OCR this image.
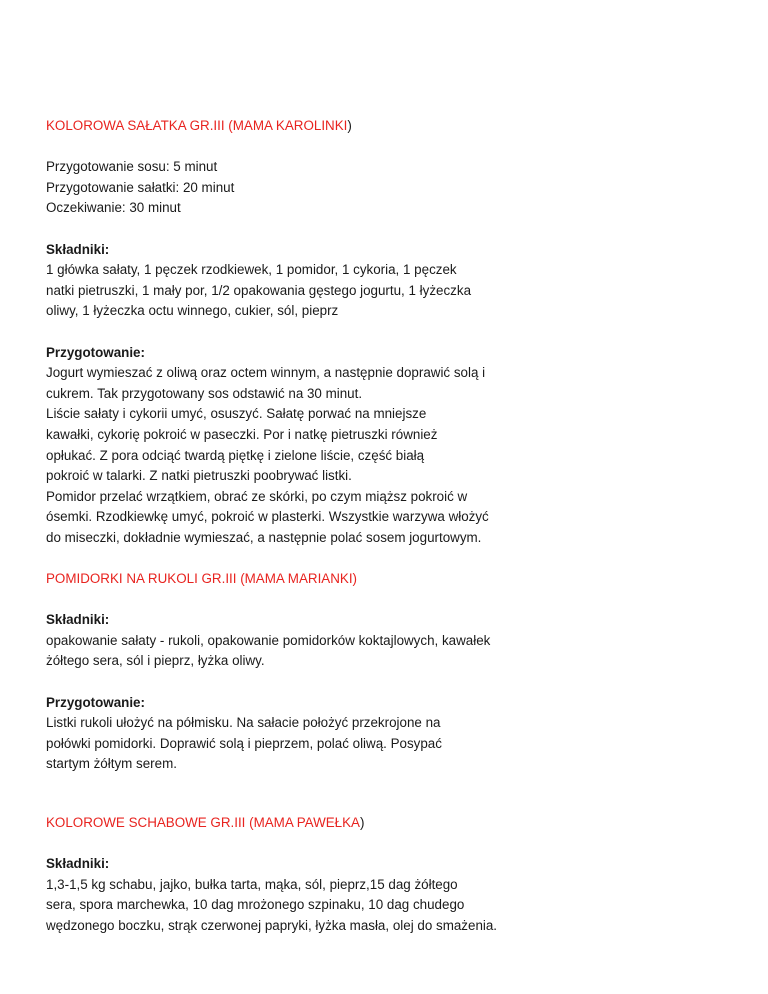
KOLOROWA SAŁATKA GR.III (MAMA KAROLINKI)
Przygotowanie sosu: 5 minut
Przygotowanie sałatki: 20 minut
Oczekiwanie: 30 minut
Składniki:
1 główka sałaty, 1 pęczek rzodkiewek, 1 pomidor, 1 cykoria, 1 pęczek
natki pietruszki, 1 mały por, 1/2 opakowania gęstego jogurtu, 1 łyżeczka
oliwy, 1 łyżeczka octu winnego, cukier, sól, pieprz
Przygotowanie:
Jogurt wymieszać z oliwą oraz octem winnym, a następnie doprawić solą i
cukrem. Tak przygotowany sos odstawić na 30 minut.
Liście sałaty i cykorii umyć, osuszyć. Sałatę porwać na mniejsze
kawałki, cykorię pokroić w paseczki. Por i natkę pietruszki również
opłukać. Z pora odciąć twardą piętkę i zielone liście, część białą
pokroić w talarki. Z natki pietruszki poobrywać listki.
Pomidor przelać wrzątkiem, obrać ze skórki, po czym miąższ pokroić w
ósemki. Rzodkiewkę umyć, pokroić w plasterki. Wszystkie warzywa włożyć
do miseczki, dokładnie wymieszać, a następnie polać sosem jogurtowym.
POMIDORKI NA RUKOLI GR.III (MAMA MARIANKI)
Składniki:
opakowanie sałaty - rukoli, opakowanie pomidorków koktajlowych, kawałek
żółtego sera, sól i pieprz, łyżka oliwy.
Przygotowanie:
Listki rukoli ułożyć na półmisku. Na sałacie położyć przekrojone na
połówki pomidorki. Doprawić solą i pieprzem, polać oliwą. Posypać
startym żółtym serem.
KOLOROWE SCHABOWE GR.III (MAMA PAWEŁKA)
Składniki:
1,3-1,5 kg schabu, jajko, bułka tarta, mąka, sól, pieprz,15 dag żółtego
sera, spora marchewka, 10 dag mrożonego szpinaku, 10 dag chudego
wędzonego boczku, strąk czerwonej papryki, łyżka masła, olej do smażenia.
